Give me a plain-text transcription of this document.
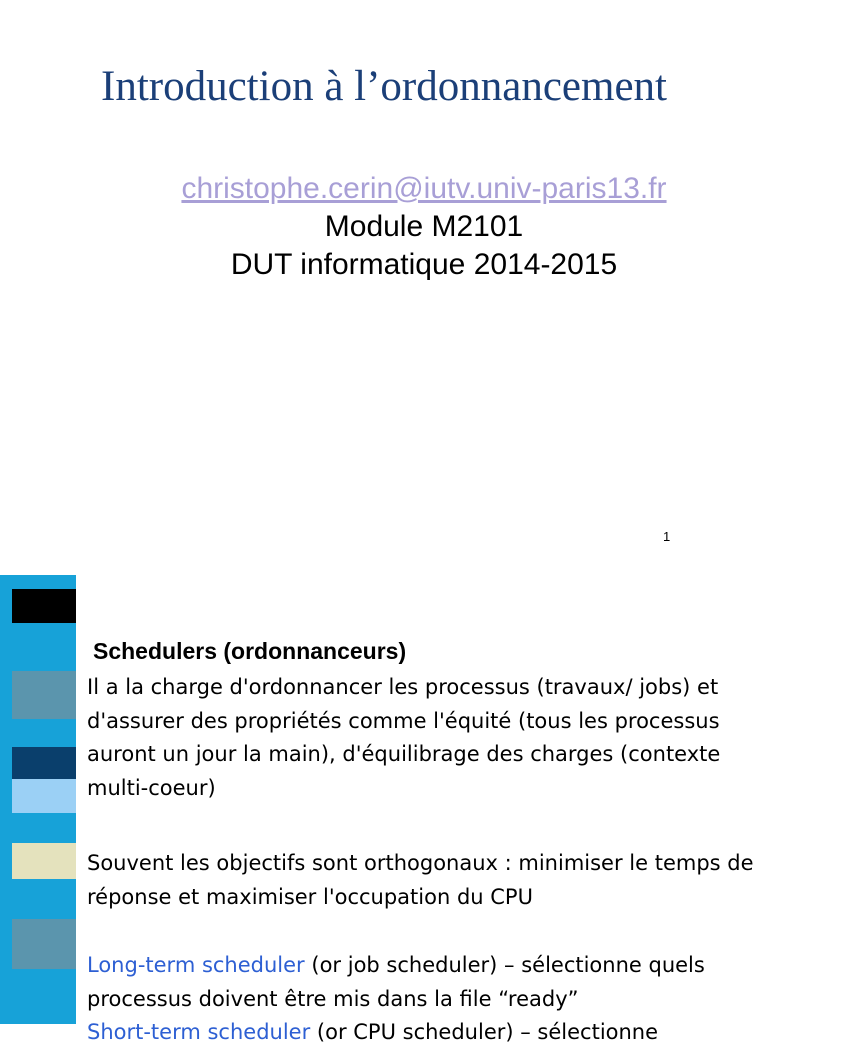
Introduction à l’ordonnancement
christophe.cerin@iutv.univ-paris13.fr
Module M2101
DUT informatique 2014-2015
1
Schedulers (ordonnanceurs)
Il a la charge d'ordonnancer les processus (travaux/ jobs) et d'assurer des propriétés comme l'équité (tous les processus auront un jour la main), d'équilibrage des charges (contexte multi-coeur)
Souvent les objectifs sont orthogonaux : minimiser le temps de réponse et maximiser l'occupation du CPU
Long-term scheduler (or job scheduler) – sélectionne quels processus doivent être mis dans la file “ready”
Short-term scheduler (or CPU scheduler) – sélectionne
